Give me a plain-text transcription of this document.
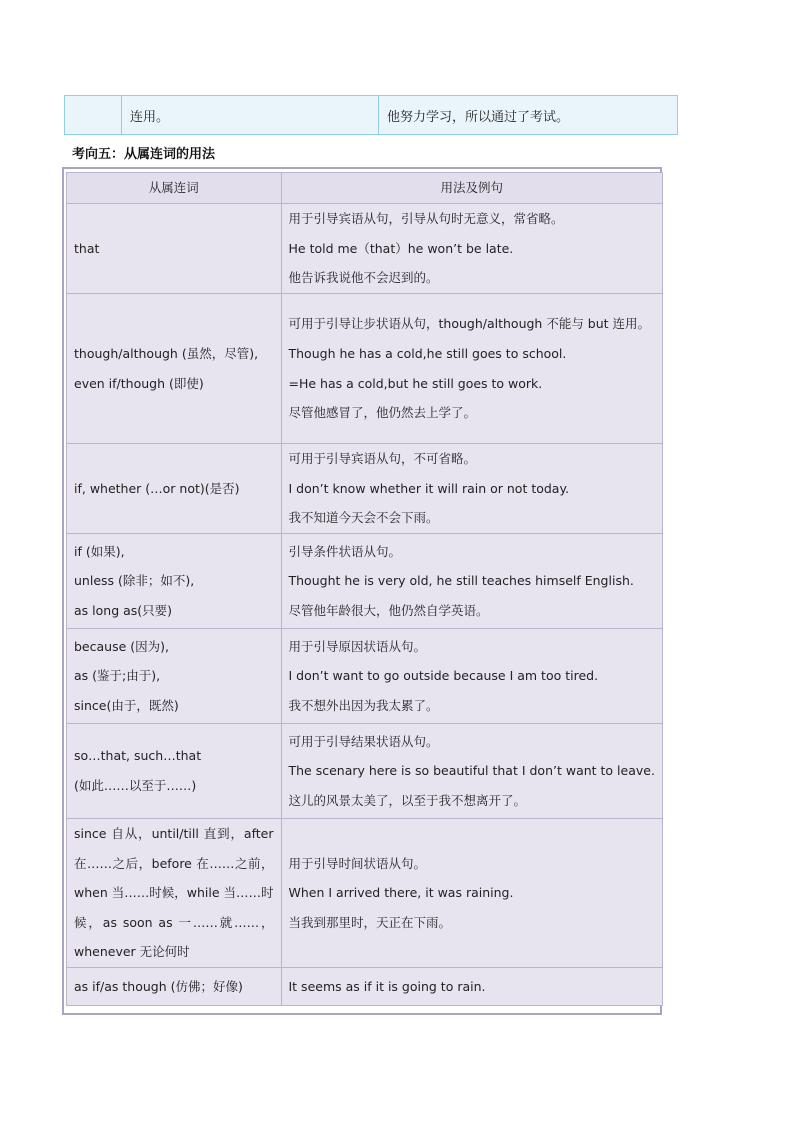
	连用。	他努力学习，所以通过了考试。
考向五：从属连词的用法
从属连词	用法及例句

that	用于引导宾语从句，引导从句时无意义，常省略。
He told me（that）he won’t be late.
他告诉我说他不会迟到的。

though/although (虽然，尽管),
even if/though (即使)	可用于引导让步状语从句，though/although 不能与 but 连用。
Though he has a cold,he still goes to school.
=He has a cold,but he still goes to work.
尽管他感冒了，他仍然去上学了。

if, whether (…or not)(是否)	可用于引导宾语从句，不可省略。
I don’t know whether it will rain or not today.
我不知道今天会不会下雨。

if (如果),
unless (除非；如不),
as long as(只要)	引导条件状语从句。
Thought he is very old, he still teaches himself English.
尽管他年龄很大，他仍然自学英语。

because (因为),
as (鉴于;由于),
since(由于，既然)	用于引导原因状语从句。
I don’t want to go outside because I am too tired.
我不想外出因为我太累了。

so…that, such…that
(如此……以至于……)	可用于引导结果状语从句。
The scenary here is so beautiful that I don’t want to leave.
这儿的风景太美了，以至于我不想离开了。

since 自从，until/till 直到，after
在……之后，before 在……之前，
when 当……时候，while 当……时
候，as soon as 一……就……，
whenever 无论何时	用于引导时间状语从句。
When I arrived there, it was raining.
当我到那里时，天正在下雨。

as if/as though (仿佛；好像)	It seems as if it is going to rain.
